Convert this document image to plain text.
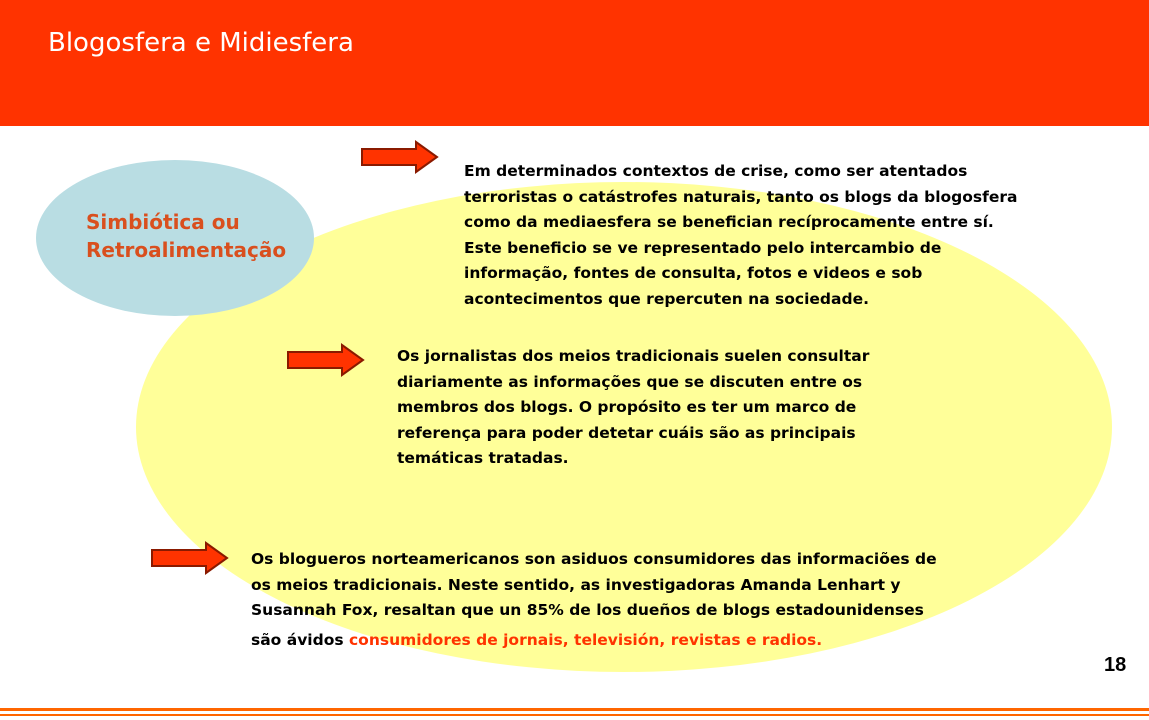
Blogosfera e Midiesfera
Simbiótica ou
Retroalimentação
Em determinados contextos de crise, como ser atentados
terroristas o catástrofes naturais, tanto os blogs da blogosfera
como da mediaesfera se benefician recíprocamente entre sí.
Este beneficio se ve representado pelo intercambio de
informação, fontes de consulta, fotos e videos e sob
acontecimentos que repercuten na sociedade.
Os jornalistas dos meios tradicionais suelen consultar
diariamente as informações que se discuten entre os
membros dos blogs. O propósito es ter um marco de
referença para poder detetar cuáis são as principais
temáticas tratadas.
Os blogueros norteamericanos son asiduos consumidores das informaciões de
os meios tradicionais. Neste sentido, as investigadoras Amanda Lenhart y
Susannah Fox, resaltan que un 85% de los dueños de blogs estadounidenses
são ávidos consumidores de jornais, televisión, revistas e radios.
18
